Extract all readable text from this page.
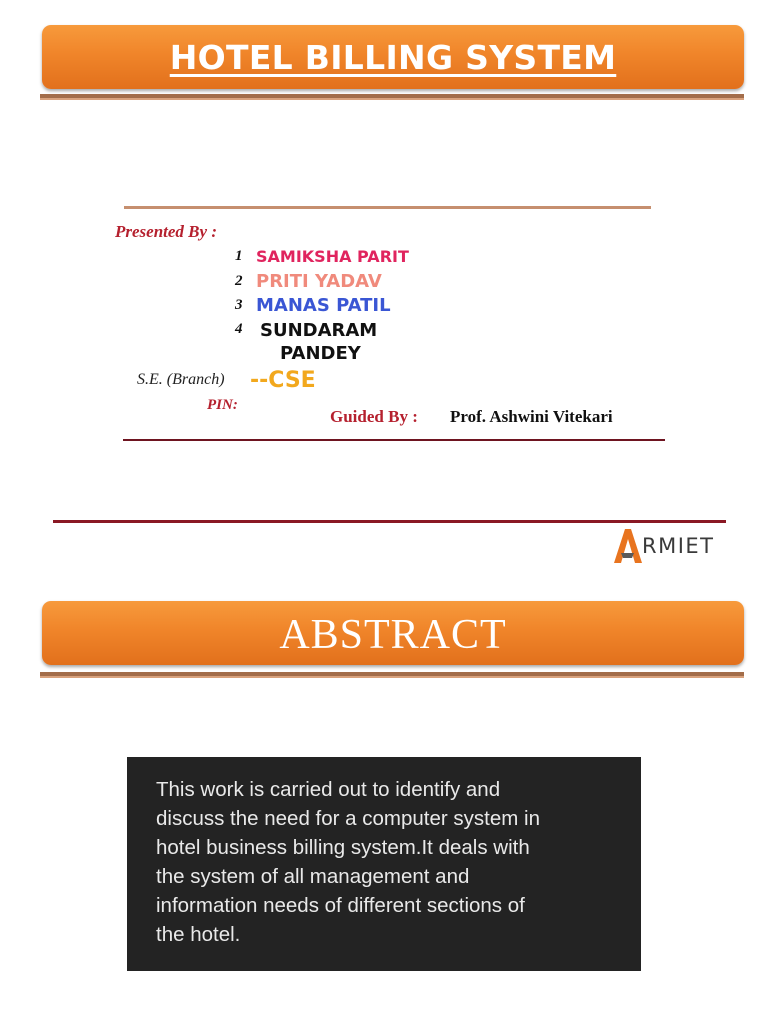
HOTEL BILLING SYSTEM
Presented By :
1 SAMIKSHA PARIT
2 PRITI YADAV
3 MANAS PATIL
4 SUNDARAM
PANDEY
S.E. (Branch) --CSE
PIN:
Guided By : Prof. Ashwini Vitekari
RMIET
ABSTRACT
This work is carried out to identify and
discuss the need for a computer system in
hotel business billing system.It deals with
the system of all management and
information needs of different sections of
the hotel.
